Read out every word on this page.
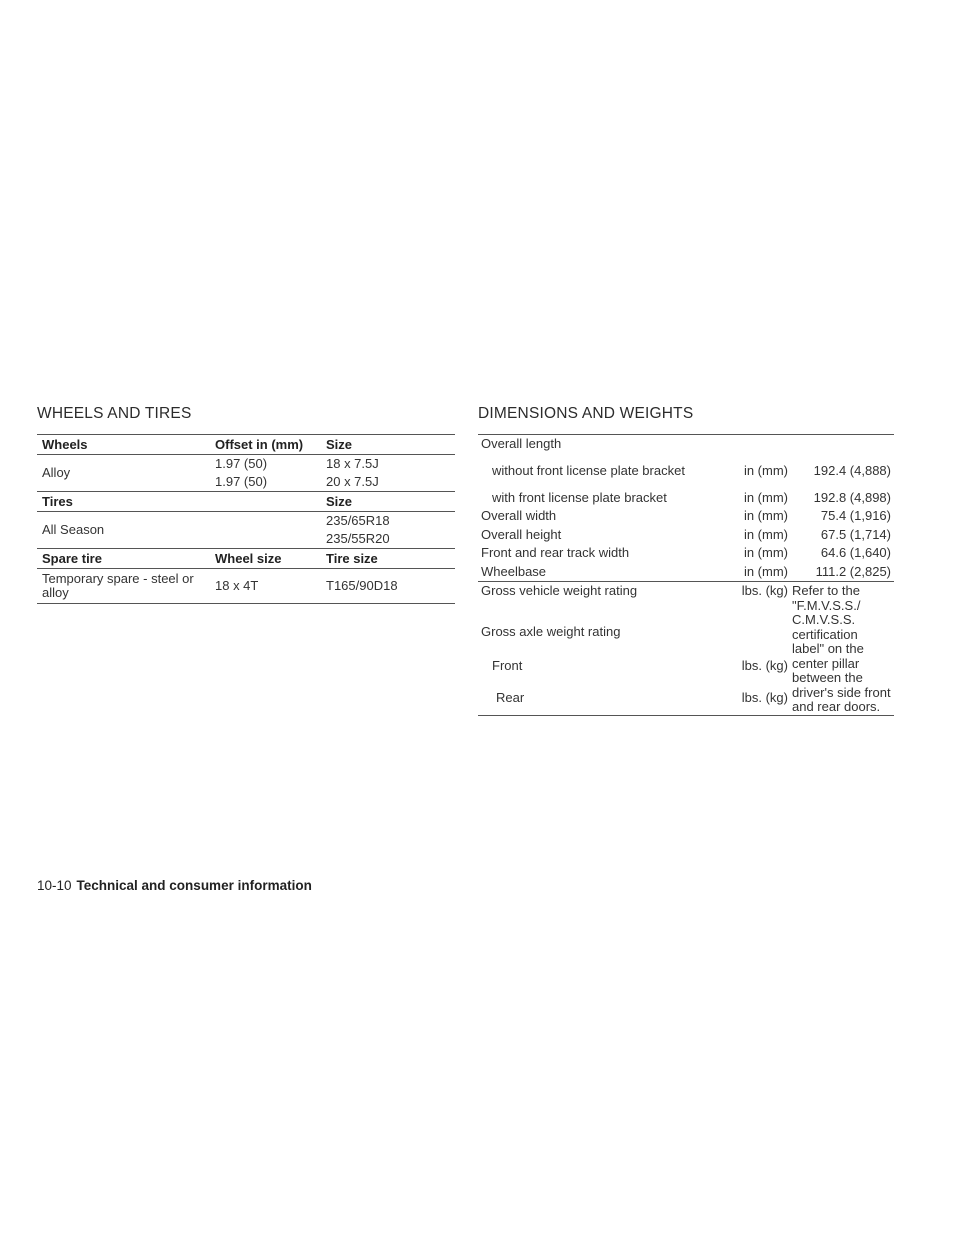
WHEELS AND TIRES	DIMENSIONS AND WEIGHTS
Wheels	Offset in (mm)	Size
Alloy	1.97 (50)	18 x 7.5J
	1.97 (50)	20 x 7.5J
Tires		Size
All Season		235/65R18
		235/55R20
Spare tire	Wheel size	Tire size
Temporary spare - steel or alloy	18 x 4T	T165/90D18
Overall length		
without front license plate bracket	in (mm)	192.4 (4,888)
with front license plate bracket	in (mm)	192.8 (4,898)
Overall width	in (mm)	75.4 (1,916)
Overall height	in (mm)	67.5 (1,714)
Front and rear track width	in (mm)	64.6 (1,640)
Wheelbase	in (mm)	111.2 (2,825)
Gross vehicle weight rating	lbs. (kg)	Refer to the "F.M.V.S.S./ C.M.V.S.S. certification label" on the center pillar between the driver's side front and rear doors.
Gross axle weight rating		
Front	lbs. (kg)	
Rear	lbs. (kg)	
10-10 Technical and consumer information
